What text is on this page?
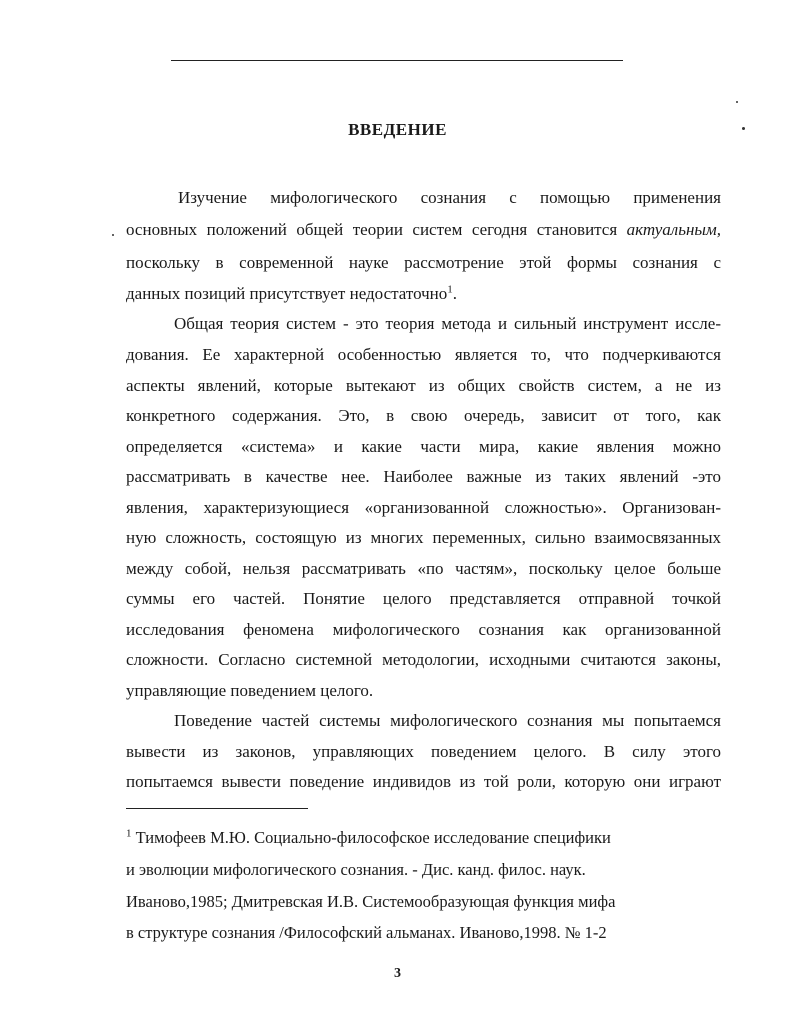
ВВЕДЕНИЕ
Изучение мифологического сознания с помощью применения
основных положений общей теории систем сегодня становится актуальным,
поскольку в современной науке рассмотрение этой формы сознания с
данных позиций присутствует недостаточно$^1$.
Общая теория систем - это теория метода и сильный инструмент иссле-
дования. Ее характерной особенностью является то, что подчеркиваются
аспекты явлений, которые вытекают из общих свойств систем, а не из
конкретного содержания. Это, в свою очередь, зависит от того, как
определяется «система» и какие части мира, какие явления можно
рассматривать в качестве нее. Наиболее важные из таких явлений -это
явления, характеризующиеся «организованной сложностью». Организован-
ную сложность, состоящую из многих переменных, сильно взаимосвязанных
между собой, нельзя рассматривать «по частям», поскольку целое больше
суммы его частей. Понятие целого представляется отправной точкой
исследования феномена мифологического сознания как организованной
сложности. Согласно системной методологии, исходными считаются законы,
управляющие поведением целого.
Поведение частей системы мифологического сознания мы попытаемся
вывести из законов, управляющих поведением целого. В силу этого
попытаемся вывести поведение индивидов из той роли, которую они играют
$^1$ Тимофеев М.Ю. Социально-философское исследование специфики
и эволюции мифологического сознания. - Дис. канд. филос. наук.
Иваново,1985; Дмитревская И.В. Системообразующая функция мифа
в структуре сознания /Философский альманах. Иваново,1998. № 1-2
3
